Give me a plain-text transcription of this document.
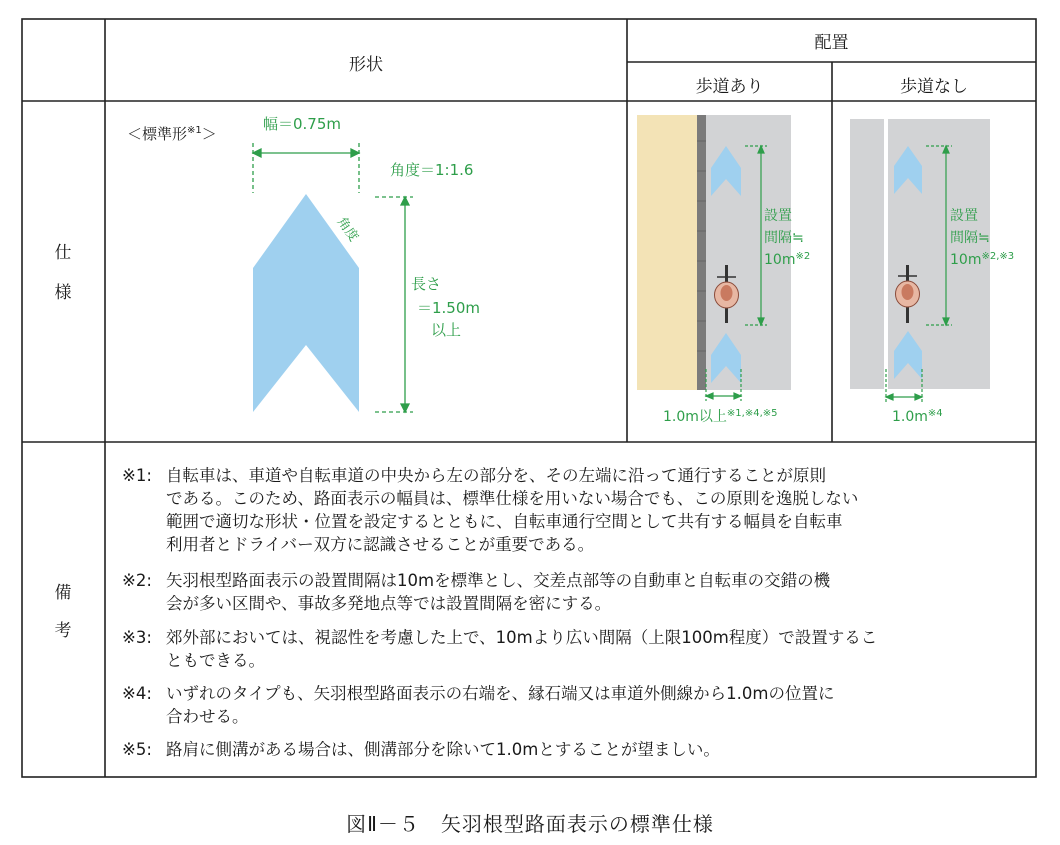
形状
配置
歩道あり	歩道なし
仕
様
備
考
＜標準形$^{※1}$＞
幅＝0.75m
角度＝1:1.6
角度
長さ
＝1.50m
以上
設置
間隔≒
$10m^{※2}$
1.0m以上$^{※1,※4,※5}$
設置
間隔≒
$10m^{※2,※3}$
$1.0m^{※4}$
※1: 自転車は、車道や自転車道の中央から左の部分を、その左端に沿って通行することが原則
である。このため、路面表示の幅員は、標準仕様を用いない場合でも、この原則を逸脱しない
範囲で適切な形状・位置を設定するとともに、自転車通行空間として共有する幅員を自転車
利用者とドライバー双方に認識させることが重要である。
※2: 矢羽根型路面表示の設置間隔は10mを標準とし、交差点部等の自動車と自転車の交錯の機
会が多い区間や、事故多発地点等では設置間隔を密にする。
※3: 郊外部においては、視認性を考慮した上で、10mより広い間隔（上限100m程度）で設置するこ
ともできる。
※4: いずれのタイプも、矢羽根型路面表示の右端を、縁石端又は車道外側線から1.0mの位置に
合わせる。
※5: 路肩に側溝がある場合は、側溝部分を除いて1.0mとすることが望ましい。
図Ⅱ－５　矢羽根型路面表示の標準仕様
